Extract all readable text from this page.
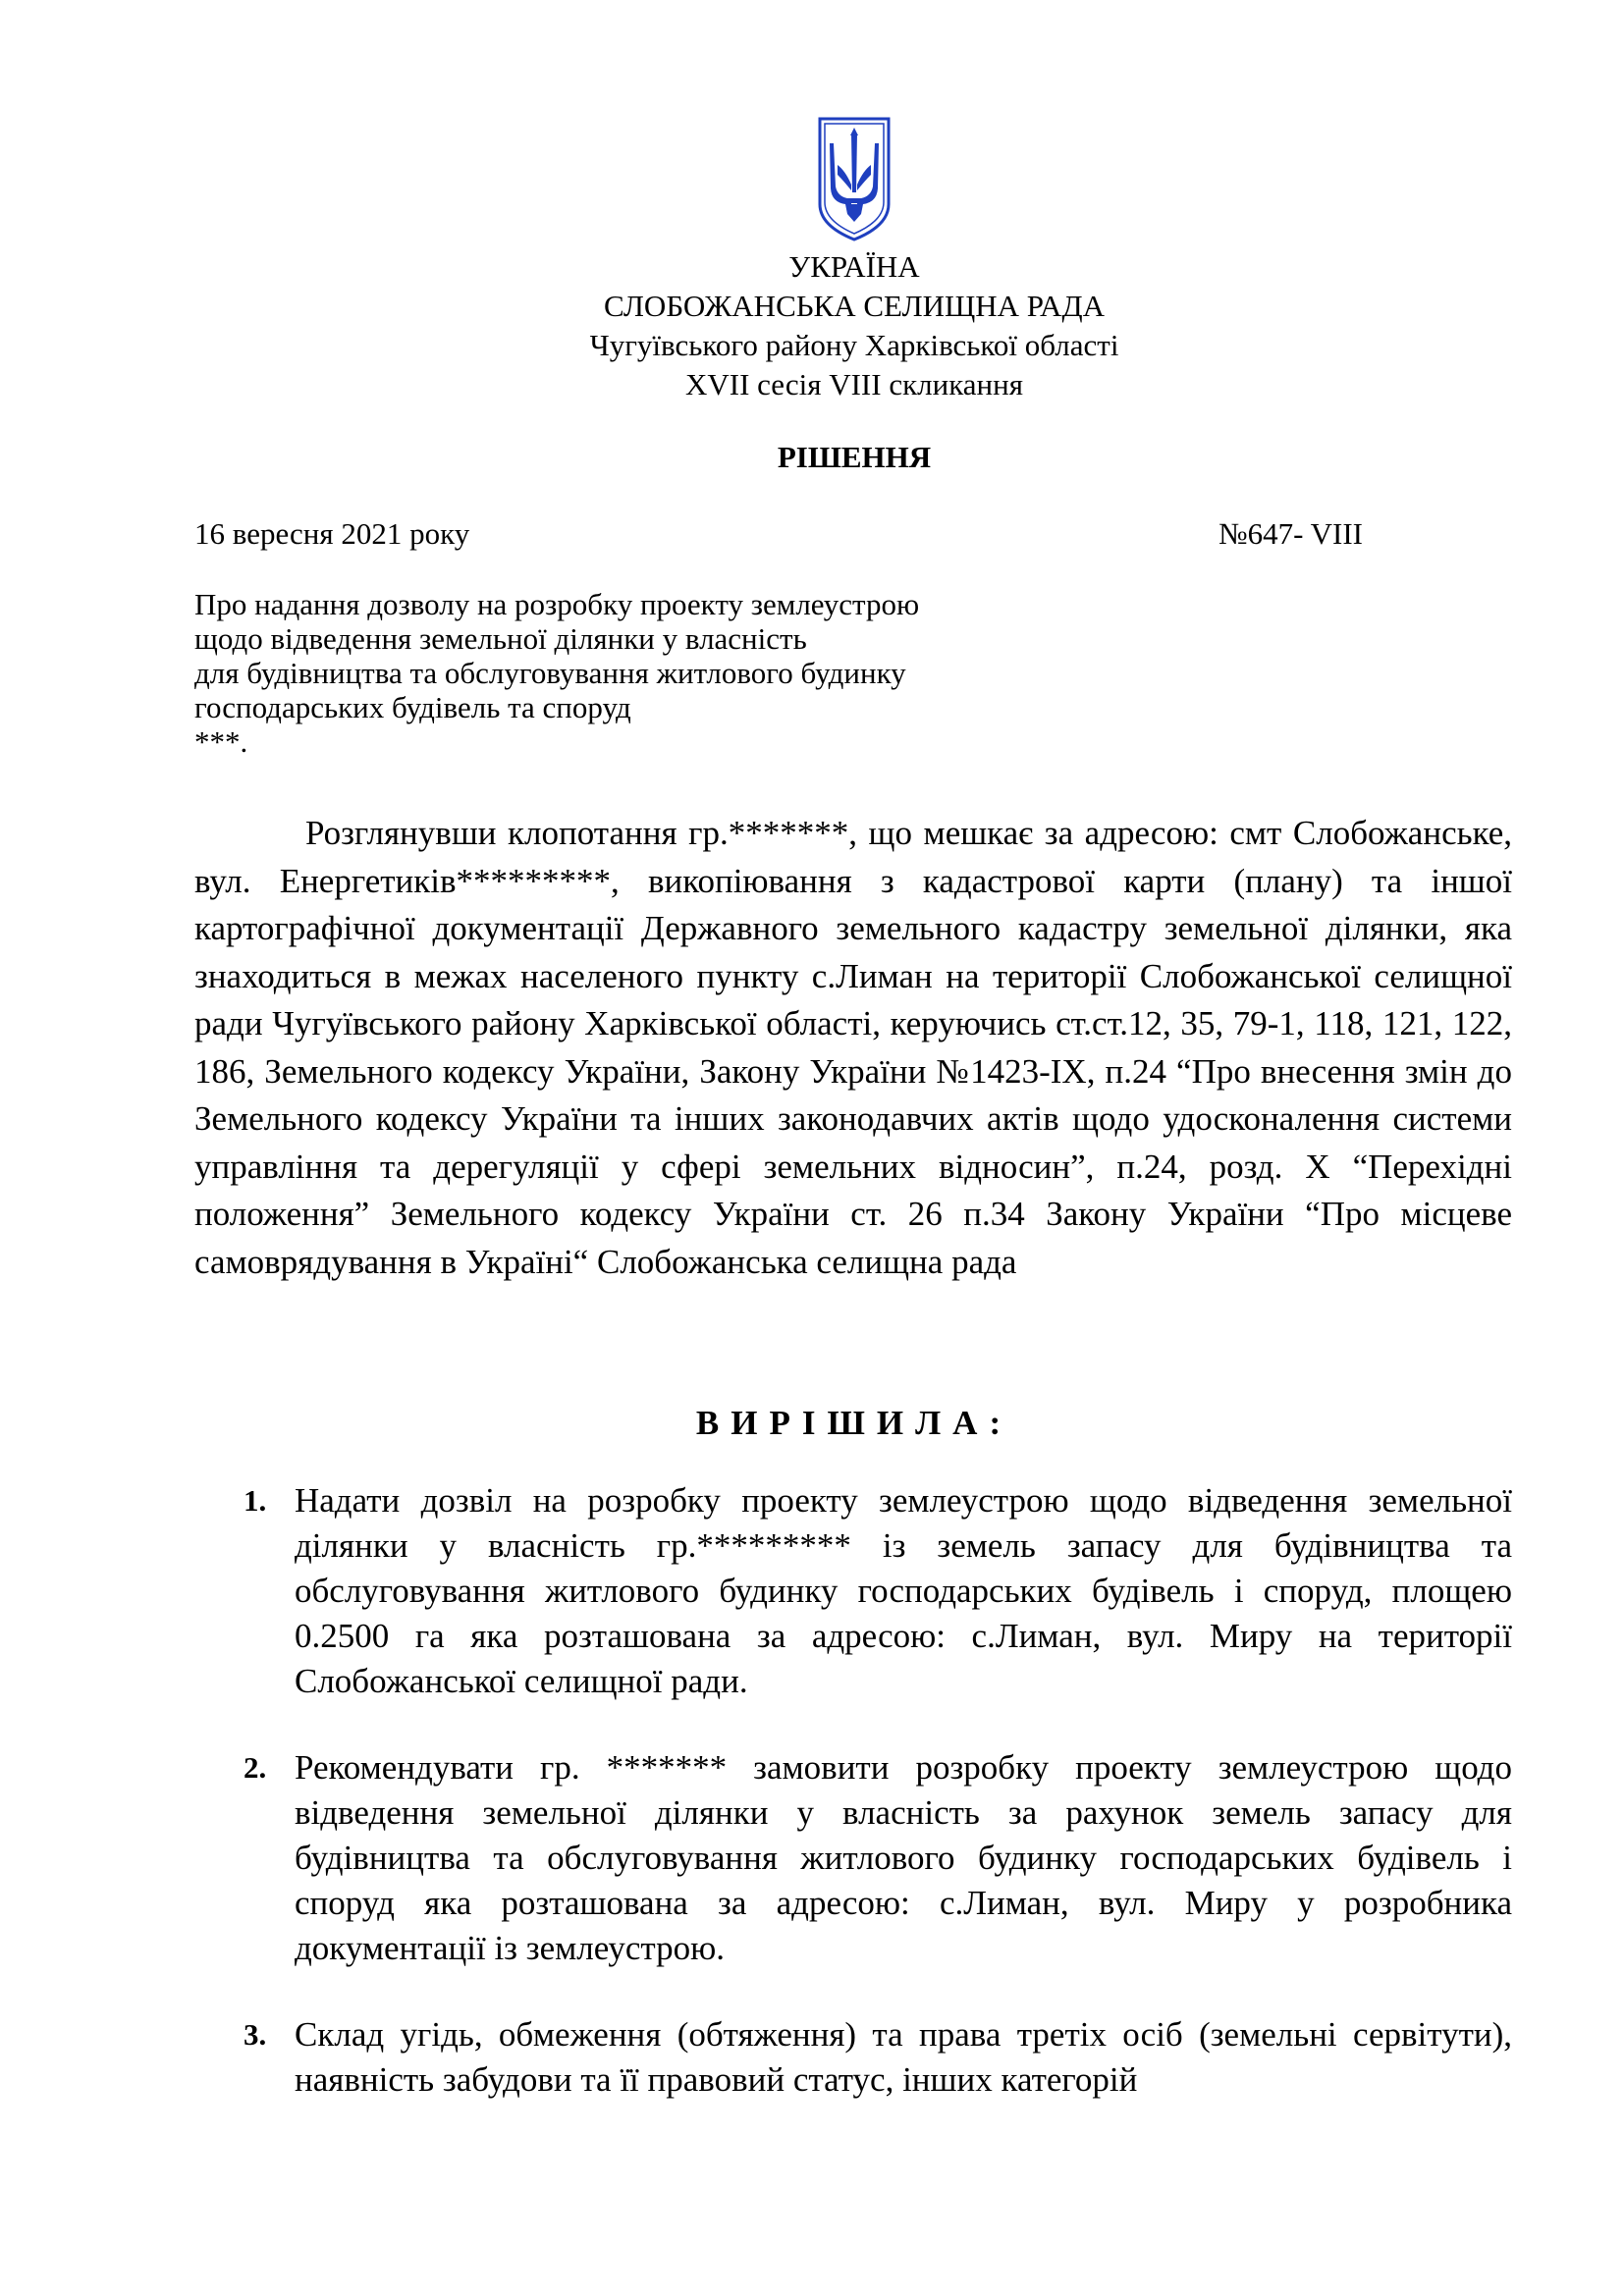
УКРАЇНА
СЛОБОЖАНСЬКА СЕЛИЩНА РАДА
Чугуївського району Харківської області
XVII сесія VIII скликання
РІШЕННЯ
16 вересня 2021 року	№647- VIII
Про надання дозволу на розробку проекту землеустрою
щодо відведення земельної ділянки у власність
для будівництва та обслуговування житлового будинку
господарських будівель та споруд
***.

Розглянувши клопотання гр.*******, що мешкає за адресою: смт Слобожанське, вул. Енергетиків*********, викопіювання з кадастрової карти (плану) та іншої картографічної документації Державного земельного кадастру земельної ділянки, яка знаходиться в межах населеного пункту с.Лиман на території Слобожанської селищної ради Чугуївського району Харківської області, керуючись ст.ст.12, 35, 79-1, 118, 121, 122, 186, Земельного кодексу України, Закону України №1423-ІХ, п.24 “Про внесення змін до Земельного кодексу України та інших законодавчих актів щодо удосконалення системи управління та дерегуляції у сфері земельних відносин”, п.24, розд. Х “Перехідні положення” Земельного кодексу України ст. 26 п.34 Закону України “Про місцеве самоврядування в Україні“ Слобожанська селищна рада

ВИРІШИЛА:
1. Надати дозвіл на розробку проекту землеустрою щодо відведення земельної ділянки у власність гр.********* із земель запасу для будівництва та обслуговування житлового будинку господарських будівель і споруд, площею 0.2500 га яка розташована за адресою: с.Лиман, вул. Миру на території Слобожанської селищної ради.
2. Рекомендувати гр. ******* замовити розробку проекту землеустрою щодо відведення земельної ділянки у власність за рахунок земель запасу для будівництва та обслуговування житлового будинку господарських будівель і споруд яка розташована за адресою: с.Лиман, вул. Миру у розробника документації із землеустрою.
3. Склад угідь, обмеження (обтяження) та права третіх осіб (земельні сервітути), наявність забудови та її правовий статус, інших категорій
